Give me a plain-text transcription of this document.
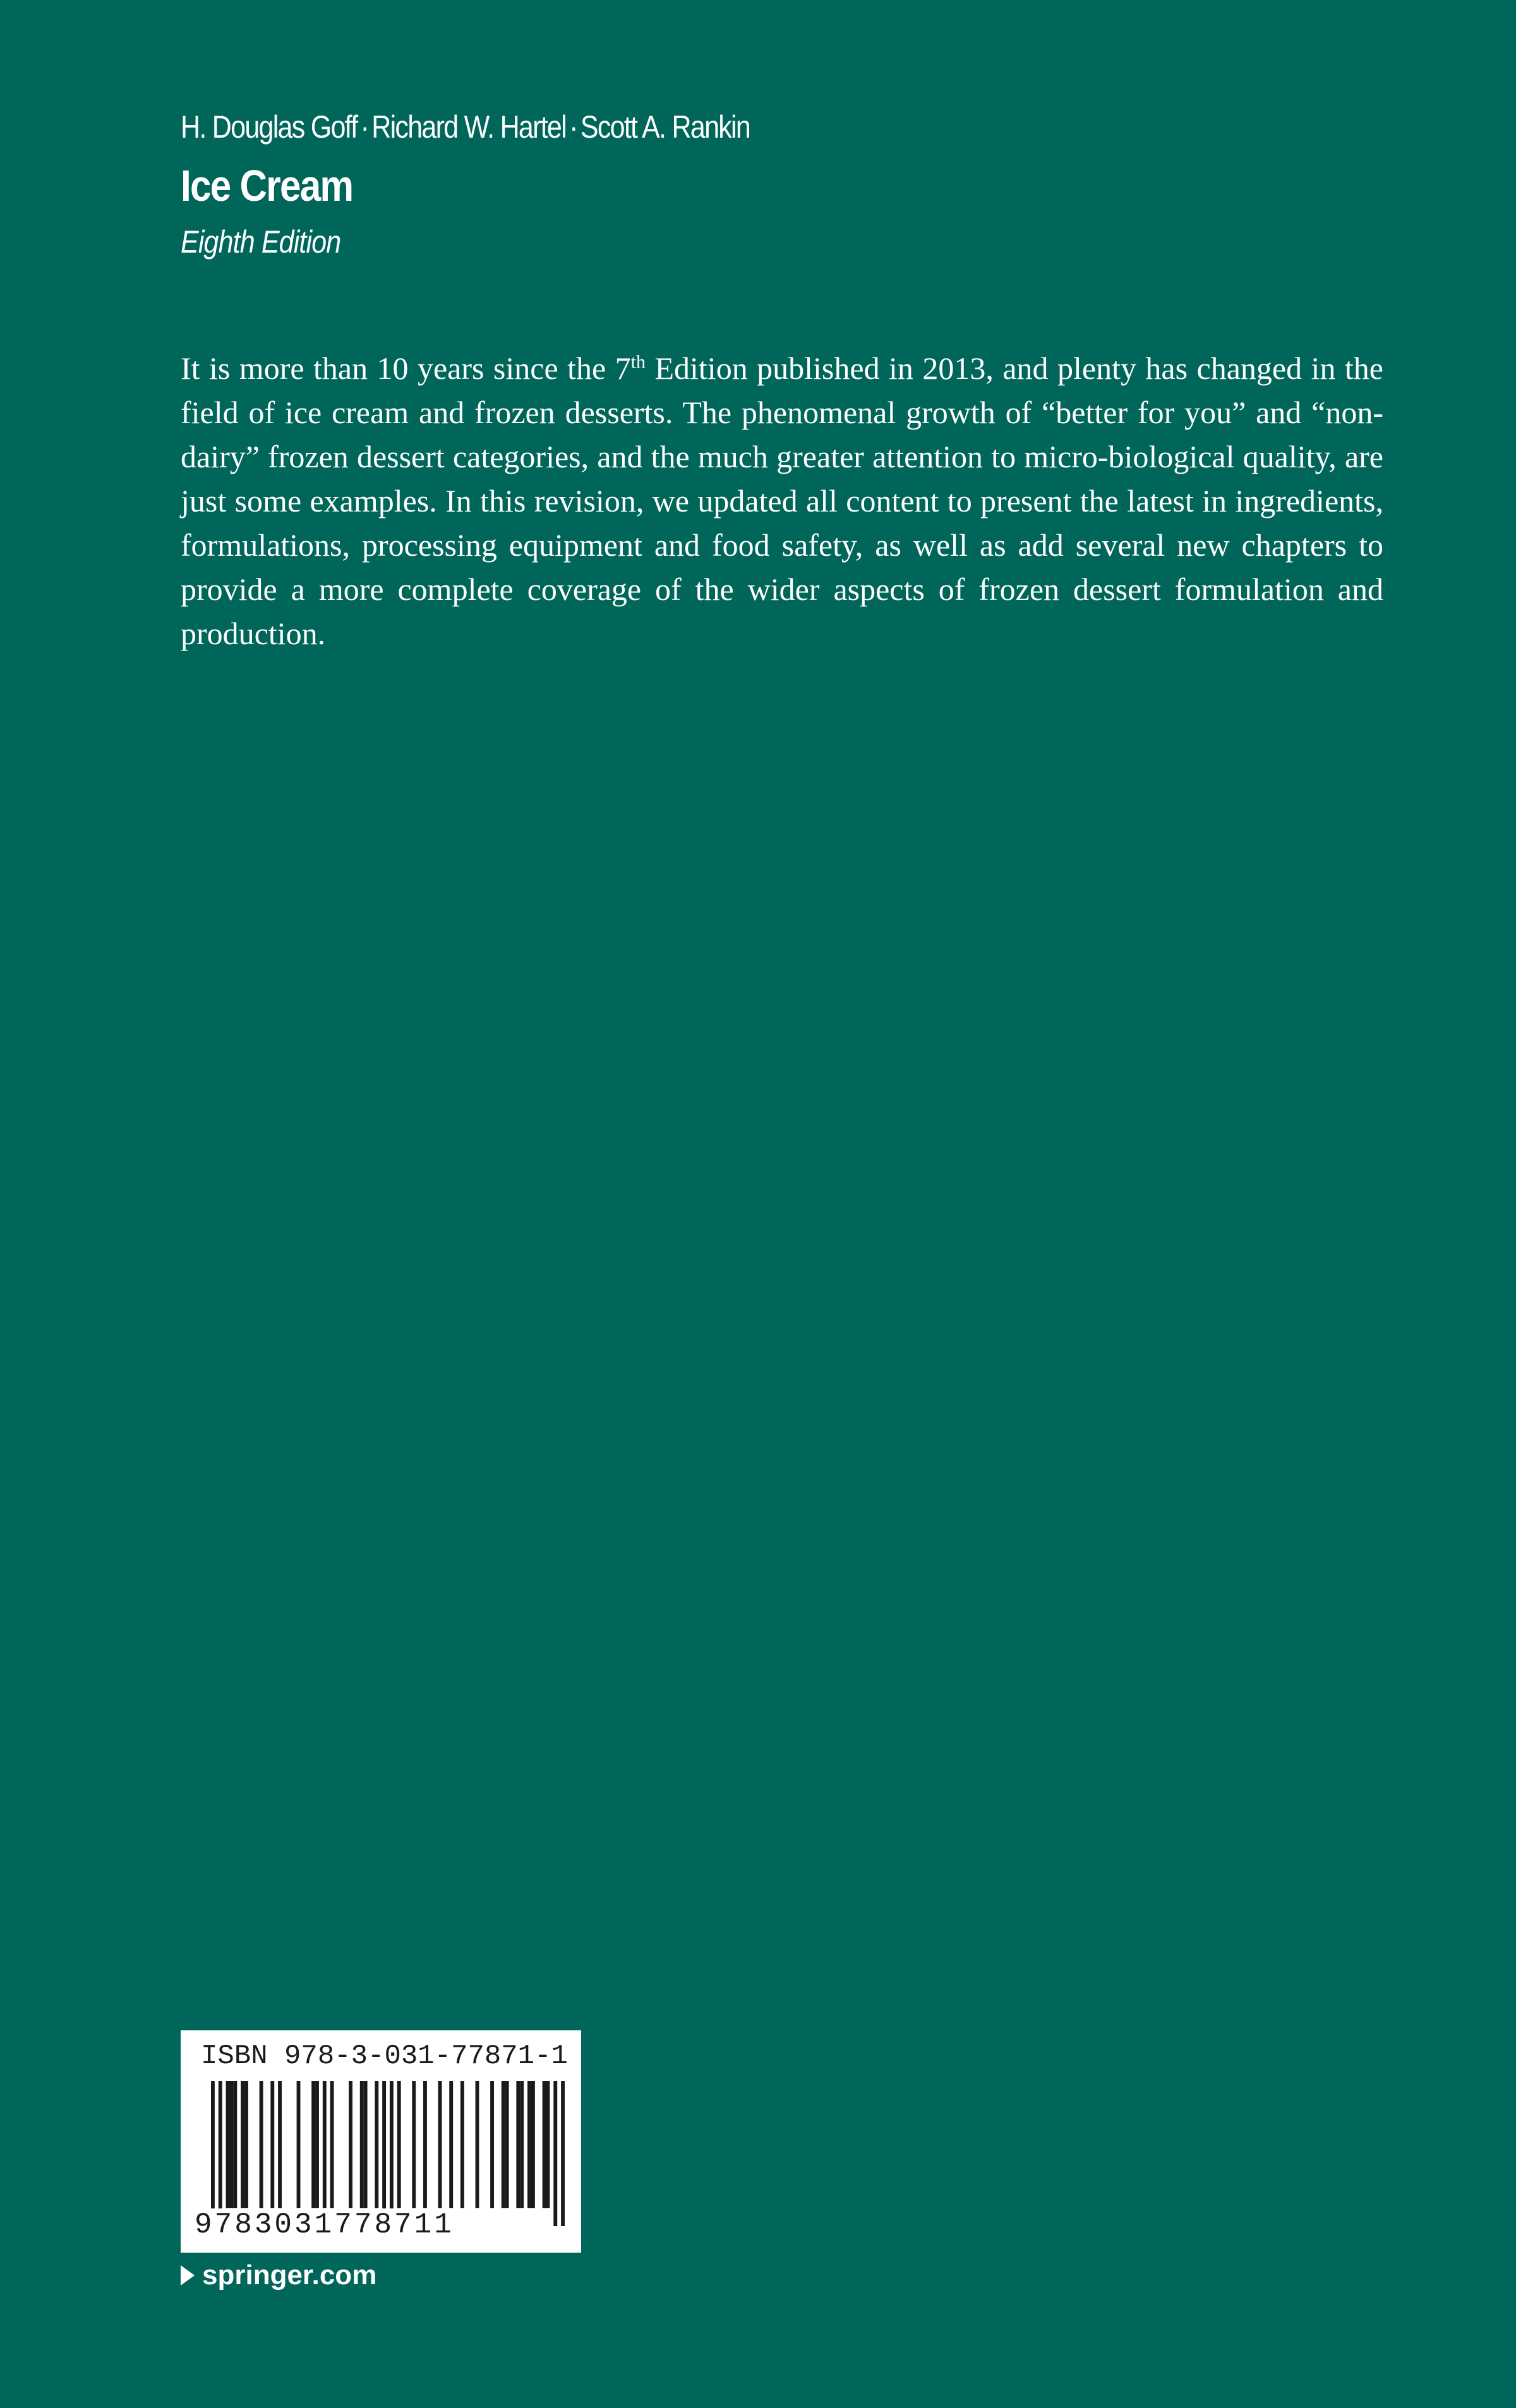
H. Douglas Goff · Richard W. Hartel · Scott A. Rankin
Ice Cream
Eighth Edition

It is more than 10 years since the 7th Edition published in 2013, and plenty has changed in the field of ice cream and frozen desserts. The phenomenal growth of “better for you” and “non-dairy” frozen dessert categories, and the much greater attention to micro-biological quality, are just some examples. In this revision, we updated all content to present the latest in ingredients, formulations, processing equipment and food safety, as well as add several new chapters to provide a more complete coverage of the wider aspects of frozen dessert formulation and production.

ISBN 978-3-031-77871-1
9783031778711
springer.com
